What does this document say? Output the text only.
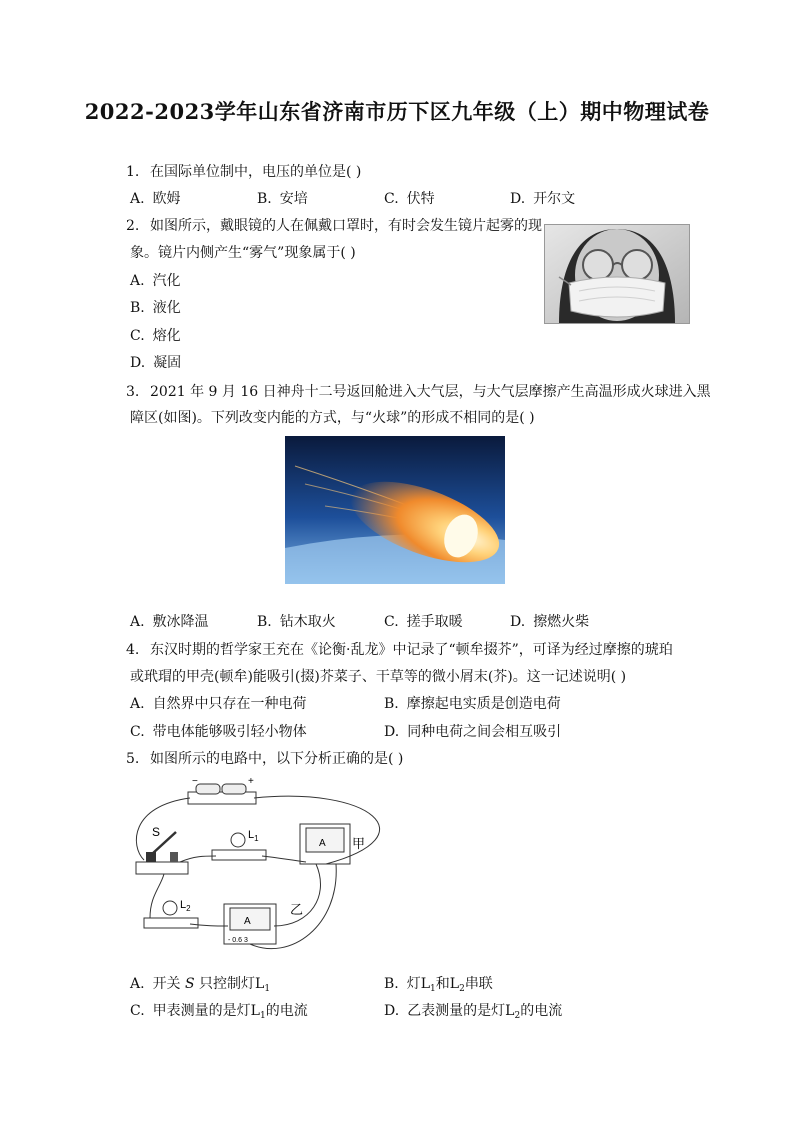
2022-2023学年山东省济南市历下区九年级（上）期中物理试卷
1. 在国际单位制中，电压的单位是( )
A. 欧姆	B. 安培	C. 伏特	D. 开尔文
2. 如图所示，戴眼镜的人在佩戴口罩时，有时会发生镜片起雾的现
象。镜片内侧产生“雾气”现象属于( )
A. 汽化
B. 液化
C. 熔化
D. 凝固
3. 2021 年 9 月 16 日神舟十二号返回舱进入大气层，与大气层摩擦产生高温形成火球进入黑
障区(如图)。下列改变内能的方式，与“火球”的形成不相同的是( )
A. 敷冰降温	B. 钻木取火	C. 搓手取暖	D. 擦燃火柴
4. 东汉时期的哲学家王充在《论衡·乱龙》中记录了“顿牟掇芥”，可译为经过摩擦的琥珀
或玳瑁的甲壳(顿牟)能吸引(掇)芥菜子、干草等的微小屑末(芥)。这一记述说明( )
A. 自然界中只存在一种电荷	B. 摩擦起电实质是创造电荷
C. 带电体能够吸引轻小物体	D. 同种电荷之间会相互吸引
5. 如图所示的电路中，以下分析正确的是( )
−	+
S	$L_1$	A 甲
$L_2$
A
- 0.6 3
乙
A. 开关 S 只控制灯$L_1$	B. 灯$L_1$和$L_2$串联
C. 甲表测量的是灯$L_1$的电流	D. 乙表测量的是灯$L_2$的电流
